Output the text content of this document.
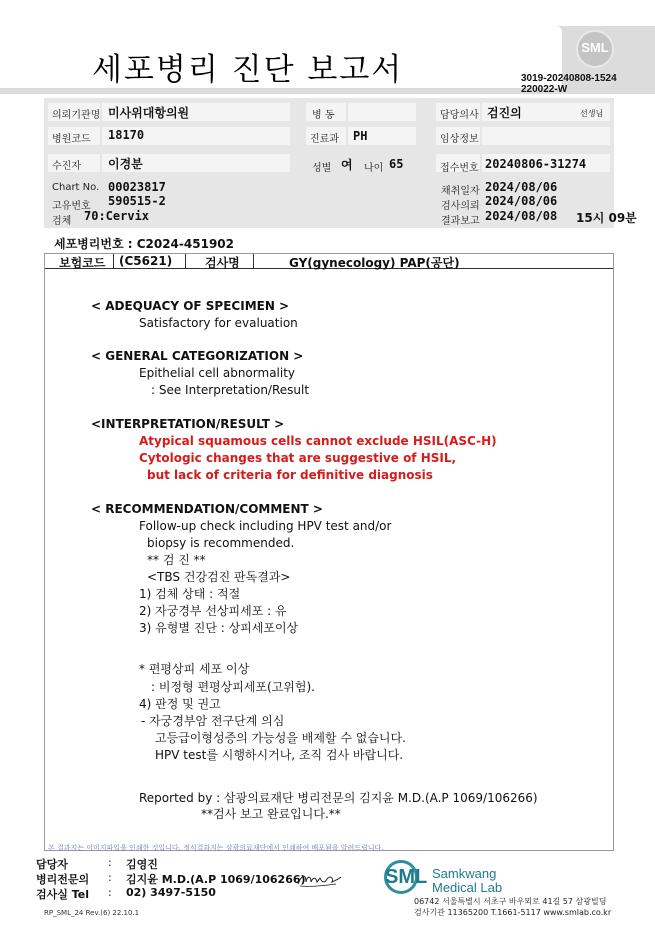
세포병리 진단 보고서
SML
3019-20240808-1524
220022-W
의뢰기관명 미사위대항의원	병 동	담당의사 검진의	선생님
병원코드 18170	진료과 PH	임상정보
수진자 이경분	성별 여 나이 65	접수번호 20240806-31274
Chart No. 00023817
고유번호 590515-2
검체 70:Cervix
채취일자 2024/08/06
검사의뢰 2024/08/06
결과보고 2024/08/08 15시 09분
세포병리번호 : C2024-451902
보험코드 (C5621)	검사명	GY(gynecology) PAP(공단)
< ADEQUACY OF SPECIMEN >
Satisfactory for evaluation
< GENERAL CATEGORIZATION >
Epithelial cell abnormality
: See Interpretation/Result
<INTERPRETATION/RESULT >
Atypical squamous cells cannot exclude HSIL(ASC-H)
Cytologic changes that are suggestive of HSIL,
but lack of criteria for definitive diagnosis
< RECOMMENDATION/COMMENT >
Follow-up check including HPV test and/or
biopsy is recommended.
** 검 진 **
<TBS 건강검진 판독결과>
1) 검체 상태 : 적절
2) 자궁경부 선상피세포 : 유
3) 유형별 진단 : 상피세포이상
* 편평상피 세포 이상
: 비정형 편평상피세포(고위험).
4) 판정 및 권고
- 자궁경부암 전구단계 의심
고등급이형성증의 가능성을 배제할 수 없습니다.
HPV test를 시행하시거나, 조직 검사 바랍니다.
Reported by : 삼광의료재단 병리전문의 김지윤 M.D.(A.P 1069/106266)
**검사 보고 완료입니다.**
본 결과지는 이미지파일을 인쇄한 것입니다. 정식결과지는 삼광의료재단에서 인쇄하여 배포됨을 알려드립니다.
담당자	: 김영진
병리전문의 : 김지윤 M.D.(A.P 1069/106266)
검사실 Tel : 02) 3497-5150
RP_SML_24 Rev.(6) 22.10.1
SML Samkwang
Medical Lab
06742 서울특별시 서초구 바우뫼로 41길 57 삼광빌딩
검사기관 11365200 T.1661-5117 www.smlab.co.kr
